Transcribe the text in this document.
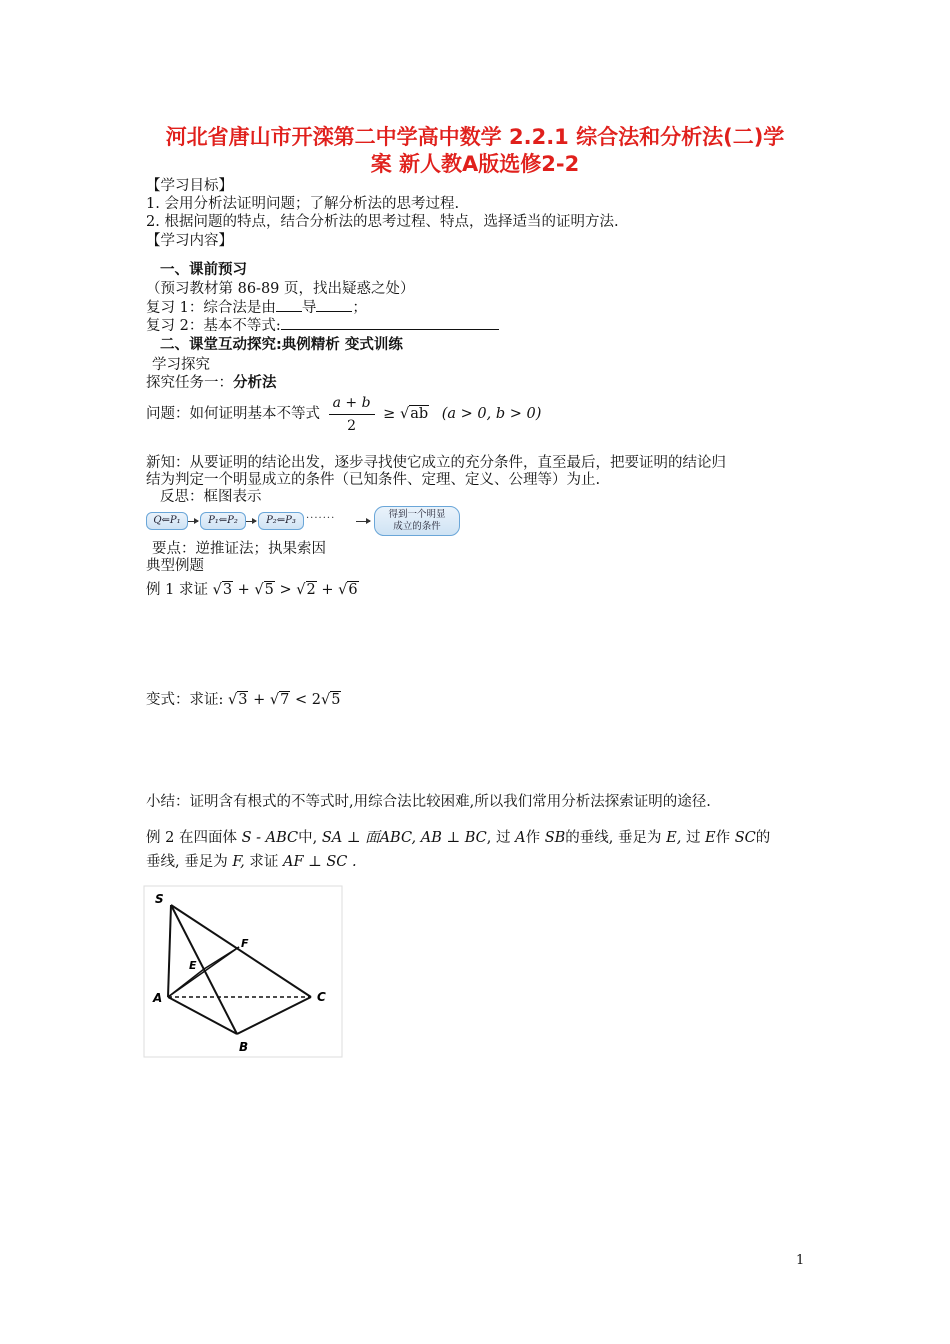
河北省唐山市开滦第二中学高中数学 2.2.1 综合法和分析法(二)学
案 新人教A版选修2-2
【学习目标】
1. 会用分析法证明问题；了解分析法的思考过程.
2. 根据问题的特点，结合分析法的思考过程、特点，选择适当的证明方法.
【学习内容】
一、课前预习
（预习教材第 86-89 页，找出疑惑之处）
复习 1：综合法是由 导 ；
复习 2：基本不等式:
二、课堂互动探究:典例精析 变式训练
学习探究
探究任务一：分析法
问题：如何证明基本不等式 $\frac{a + b}{2} \ge √ab$ (a > 0, b > 0)
新知：从要证明的结论出发，逐步寻找使它成立的充分条件，直至最后，把要证明的结论归
结为判定一个明显成立的条件（已知条件、定理、定义、公理等）为止.
反思：框图表示
Q⇐P₁	P₁⇐P₂	P₂⇐P₃	·······	得到一个明显
成立的条件
要点：逆推证法；执果索因
典型例题
例 1 求证 √3 + √5 > √2 + √6
变式：求证: √3 + √7 < 2√5
小结：证明含有根式的不等式时,用综合法比较困难,所以我们常用分析法探索证明的途径.
例 2 在四面体 S - ABC中, SA ⊥ 面ABC, AB ⊥ BC, 过 A作 SB的垂线, 垂足为 E, 过 E作 SC的
垂线, 垂足为 F, 求证 AF ⊥ SC .
S
E
F
A
B
C
1
